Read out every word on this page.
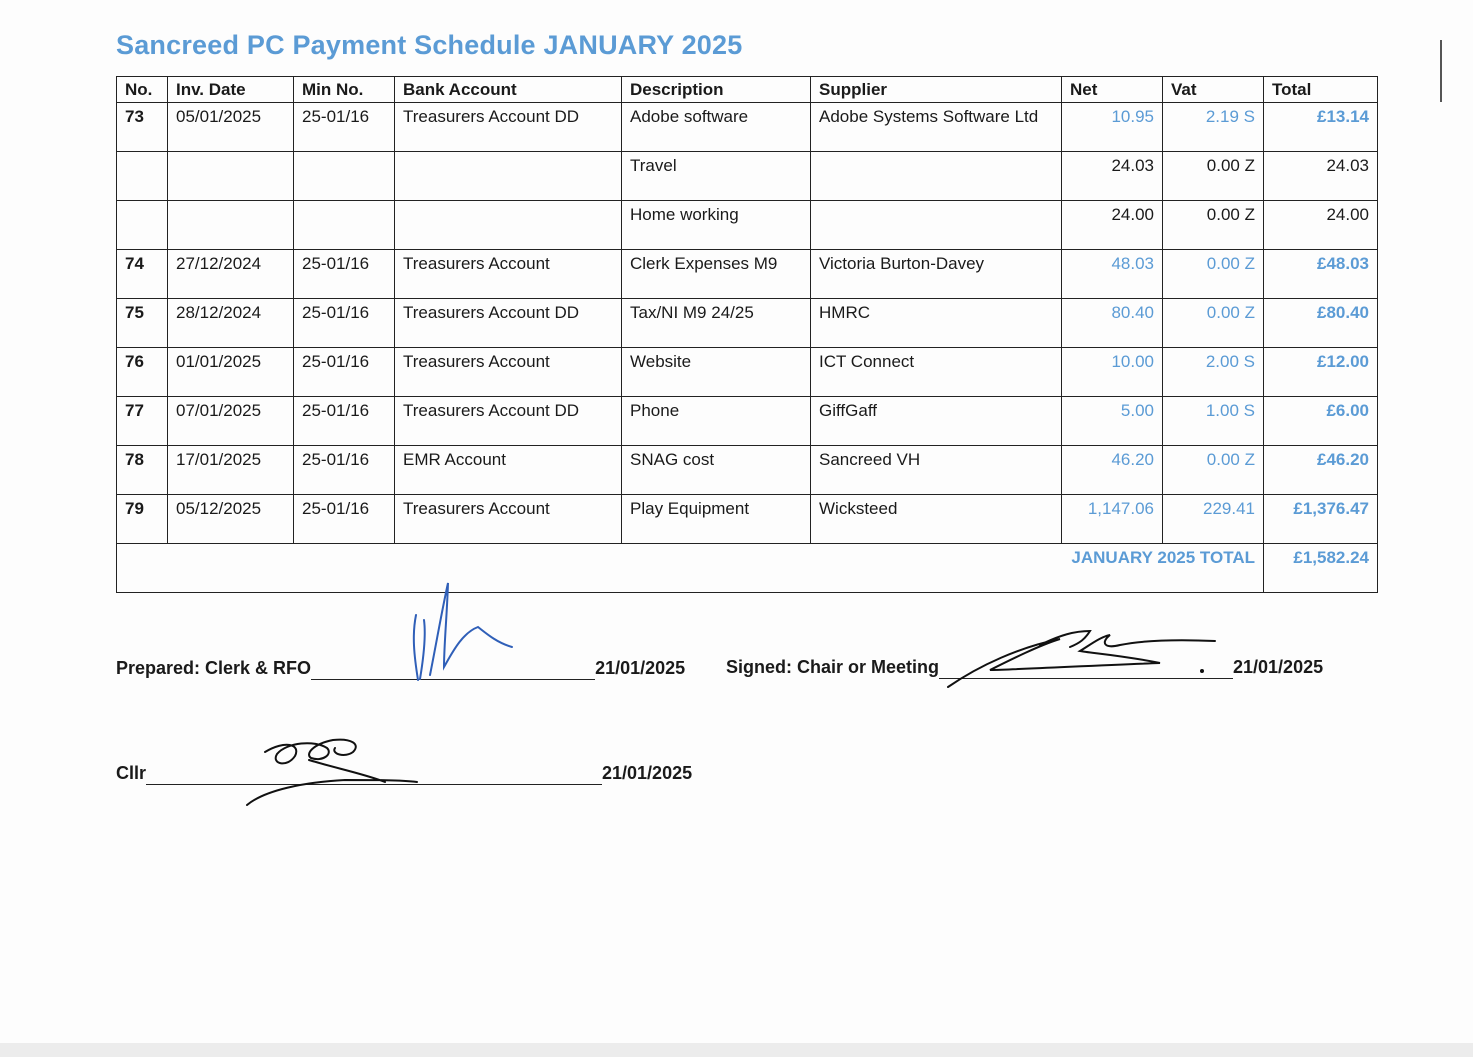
Sancreed PC Payment Schedule JANUARY 2025
No.	Inv. Date	Min No.	Bank Account	Description	Supplier	Net	Vat	Total
73	05/01/2025	25-01/16	Treasurers Account DD	Adobe software	Adobe Systems Software Ltd	10.95	2.19 S	£13.14
				Travel		24.03	0.00 Z	24.03
				Home working		24.00	0.00 Z	24.00
74	27/12/2024	25-01/16	Treasurers Account	Clerk Expenses M9	Victoria Burton-Davey	48.03	0.00 Z	£48.03
75	28/12/2024	25-01/16	Treasurers Account DD	Tax/NI M9 24/25	HMRC	80.40	0.00 Z	£80.40
76	01/01/2025	25-01/16	Treasurers Account	Website	ICT Connect	10.00	2.00 S	£12.00
77	07/01/2025	25-01/16	Treasurers Account DD	Phone	GiffGaff	5.00	1.00 S	£6.00
78	17/01/2025	25-01/16	EMR Account	SNAG cost	Sancreed VH	46.20	0.00 Z	£46.20
79	05/12/2025	25-01/16	Treasurers Account	Play Equipment	Wicksteed	1,147.06	229.41	£1,376.47
JANUARY 2025 TOTAL								£1,582.24
Prepared: Clerk & RFO	21/01/2025 Signed: Chair or Meeting	21/01/2025
Cllr	21/01/2025
